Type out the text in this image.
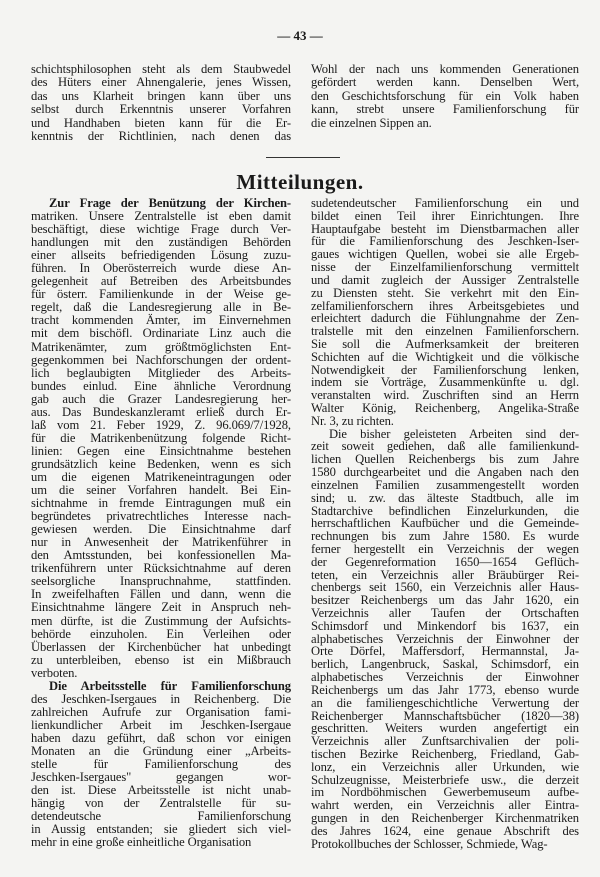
— 43 —
schichtsphilosophen steht als dem Staubwedel
des Hüters einer Ahnengalerie, jenes Wissen,
das uns Klarheit bringen kann über uns
selbst durch Erkenntnis unserer Vorfahren
und Handhaben bieten kann für die Er-
kenntnis der Richtlinien, nach denen das
Wohl der nach uns kommenden Generationen
gefördert werden kann. Denselben Wert,
den Geschichtsforschung für ein Volk haben
kann, strebt unsere Familienforschung für
die einzelnen Sippen an.
Mitteilungen.
Zur Frage der Benützung der Kirchen-
matriken. Unsere Zentralstelle ist eben damit
beschäftigt, diese wichtige Frage durch Ver-
handlungen mit den zuständigen Behörden
einer allseits befriedigenden Lösung zuzu-
führen. In Oberösterreich wurde diese An-
gelegenheit auf Betreiben des Arbeitsbundes
für österr. Familienkunde in der Weise ge-
regelt, daß die Landesregierung alle in Be-
tracht kommenden Ämter, im Einvernehmen
mit dem bischöfl. Ordinariate Linz auch die
Matrikenämter, zum größtmöglichsten Ent-
gegenkommen bei Nachforschungen der ordent-
lich beglaubigten Mitglieder des Arbeits-
bundes einlud. Eine ähnliche Verordnung
gab auch die Grazer Landesregierung her-
aus. Das Bundeskanzleramt erließ durch Er-
laß vom 21. Feber 1929, Z. 96.069/7/1928,
für die Matrikenbenützung folgende Richt-
linien: Gegen eine Einsichtnahme bestehen
grundsätzlich keine Bedenken, wenn es sich
um die eigenen Matrikeneintragungen oder
um die seiner Vorfahren handelt. Bei Ein-
sichtnahme in fremde Eintragungen muß ein
begründetes privatrechtliches Interesse nach-
gewiesen werden. Die Einsichtnahme darf
nur in Anwesenheit der Matrikenführer in
den Amtsstunden, bei konfessionellen Ma-
trikenführern unter Rücksichtnahme auf deren
seelsorgliche Inanspruchnahme, stattfinden.
In zweifelhaften Fällen und dann, wenn die
Einsichtnahme längere Zeit in Anspruch neh-
men dürfte, ist die Zustimmung der Aufsichts-
behörde einzuholen. Ein Verleihen oder
Überlassen der Kirchenbücher hat unbedingt
zu unterbleiben, ebenso ist ein Mißbrauch
verboten.
Die Arbeitsstelle für Familienforschung
des Jeschken-Isergaues in Reichenberg. Die
zahlreichen Aufrufe zur Organisation fami-
lienkundlicher Arbeit im Jeschken-Isergaue
haben dazu geführt, daß schon vor einigen
Monaten an die Gründung einer „Arbeits-
stelle für Familienforschung des
Jeschken-Isergaues" gegangen wor-
den ist. Diese Arbeitsstelle ist nicht unab-
hängig von der Zentralstelle für su-
detendeutsche Familienforschung
in Aussig entstanden; sie gliedert sich viel-
mehr in eine große einheitliche Organisation
sudetendeutscher Familienforschung ein und
bildet einen Teil ihrer Einrichtungen. Ihre
Hauptaufgabe besteht im Dienstbarmachen aller
für die Familienforschung des Jeschken-Iser-
gaues wichtigen Quellen, wobei sie alle Ergeb-
nisse der Einzelfamilienforschung vermittelt
und damit zugleich der Aussiger Zentralstelle
zu Diensten steht. Sie verkehrt mit den Ein-
zelfamilienforschern ihres Arbeitsgebietes und
erleichtert dadurch die Fühlungnahme der Zen-
tralstelle mit den einzelnen Familienforschern.
Sie soll die Aufmerksamkeit der breiteren
Schichten auf die Wichtigkeit und die völkische
Notwendigkeit der Familienforschung lenken,
indem sie Vorträge, Zusammenkünfte u. dgl.
veranstalten wird. Zuschriften sind an Herrn
Walter König, Reichenberg, Angelika-Straße
Nr. 3, zu richten.
Die bisher geleisteten Arbeiten sind der-
zeit soweit gediehen, daß alle familienkund-
lichen Quellen Reichenbergs bis zum Jahre
1580 durchgearbeitet und die Angaben nach den
einzelnen Familien zusammengestellt worden
sind; u. zw. das älteste Stadtbuch, alle im
Stadtarchive befindlichen Einzelurkunden, die
herrschaftlichen Kaufbücher und die Gemeinde-
rechnungen bis zum Jahre 1580. Es wurde
ferner hergestellt ein Verzeichnis der wegen
der Gegenreformation 1650—1654 Geflüch-
teten, ein Verzeichnis aller Bräubürger Rei-
chenbergs seit 1560, ein Verzeichnis aller Haus-
besitzer Reichenbergs um das Jahr 1620, ein
Verzeichnis aller Taufen der Ortschaften
Schimsdorf und Minkendorf bis 1637, ein
alphabetisches Verzeichnis der Einwohner der
Orte Dörfel, Maffersdorf, Hermannstal, Ja-
berlich, Langenbruck, Saskal, Schimsdorf, ein
alphabetisches Verzeichnis der Einwohner
Reichenbergs um das Jahr 1773, ebenso wurde
an die familiengeschichtliche Verwertung der
Reichenberger Mannschaftsbücher (1820—38)
geschritten. Weiters wurden angefertigt ein
Verzeichnis aller Zunftsarchivalien der poli-
tischen Bezirke Reichenberg, Friedland, Gab-
lonz, ein Verzeichnis aller Urkunden, wie
Schulzeugnisse, Meisterbriefe usw., die derzeit
im Nordböhmischen Gewerbemuseum aufbe-
wahrt werden, ein Verzeichnis aller Eintra-
gungen in den Reichenberger Kirchenmatriken
des Jahres 1624, eine genaue Abschrift des
Protokollbuches der Schlosser, Schmiede, Wag-
